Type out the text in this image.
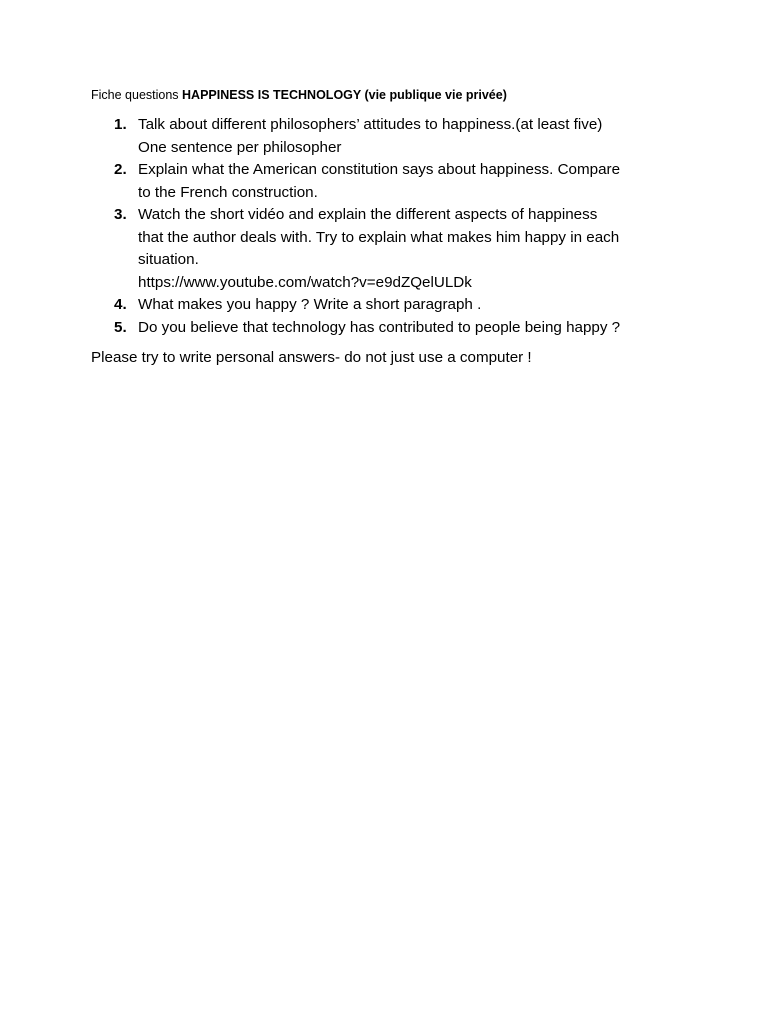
Fiche questions HAPPINESS IS TECHNOLOGY (vie publique vie privée)
1. Talk about different philosophers’ attitudes to happiness.(at least five)
One sentence per philosopher
2. Explain what the American constitution says about happiness. Compare
to the French construction.
3. Watch the short vidéo and explain the different aspects of happiness
that the author deals with. Try to explain what makes him happy in each
situation.
https://www.youtube.com/watch?v=e9dZQelULDk
4. What makes you happy ? Write a short paragraph .
5. Do you believe that technology has contributed to people being happy ?
Please try to write personal answers- do not just use a computer !
